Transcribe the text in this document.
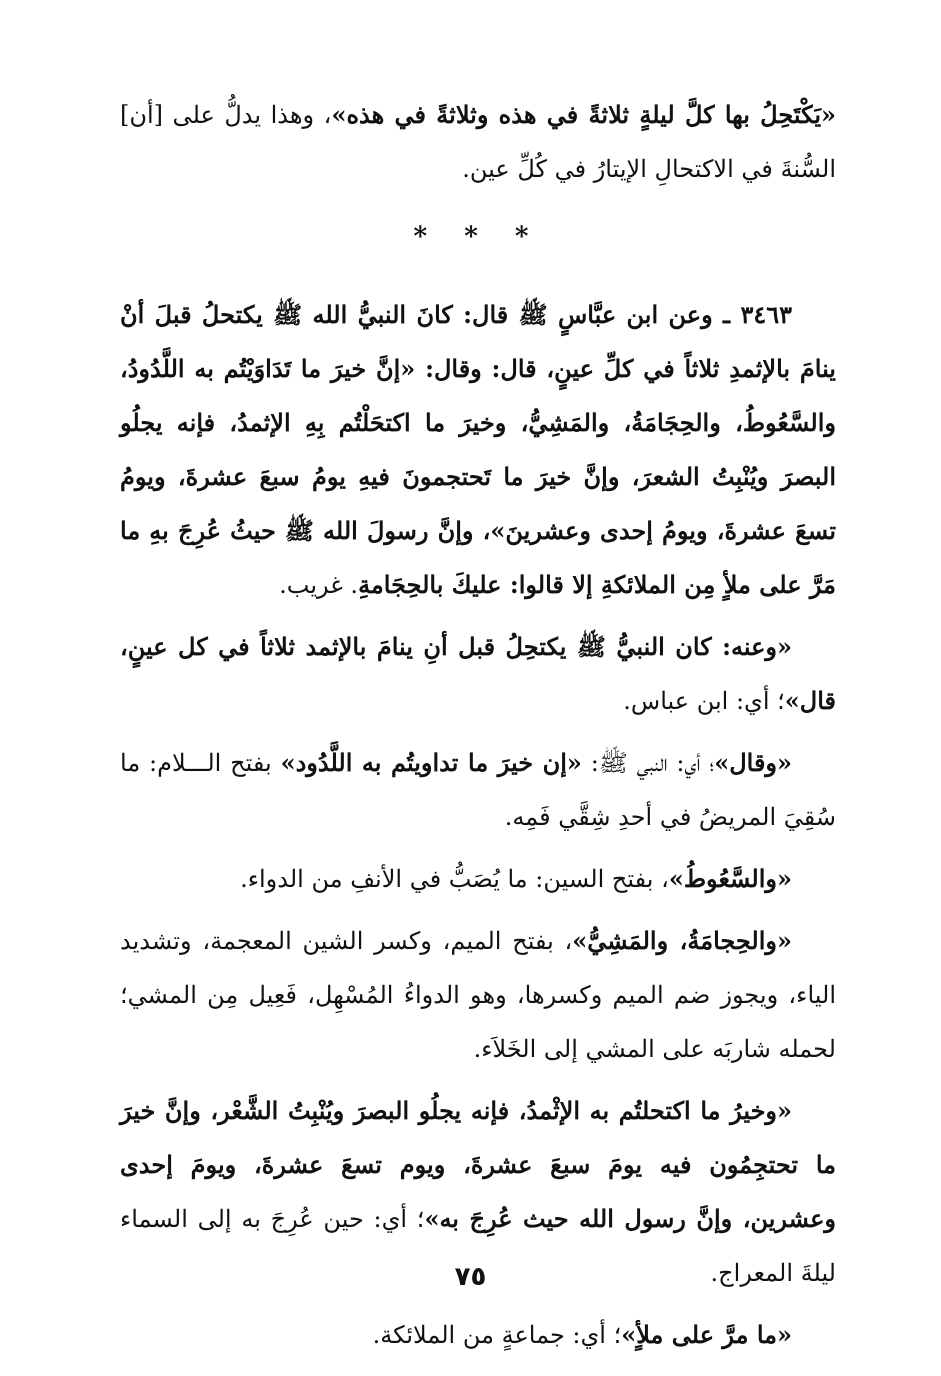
«يَكْتَحِلُ بها كلَّ ليلةٍ ثلاثةً في هذه وثلاثةً في هذه»، وهذا يدلُّ على [أن] السُّنةَ في الاكتحالِ الإيتارُ في كُلِّ عين.

* * *

٣٤٦٣ ـ وعن ابن عبَّاسٍ ﷺ قال: كانَ النبيُّ الله ﷺ يكتحلُ قبلَ أنْ ينامَ بالإثمدِ ثلاثاً في كلِّ عينٍ، قال: وقال: «إنَّ خيرَ ما تَدَاوَيْتُم به اللَّدُودُ، والسَّعُوطُ، والحِجَامَةُ، والمَشِيُّ، وخيرَ ما اكتحَلْتُم بِهِ الإثمدُ، فإنه يجلُو البصرَ ويُنْبِتُ الشعرَ، وإنَّ خيرَ ما تَحتجمونَ فيهِ يومُ سبعَ عشرةَ، ويومُ تسعَ عشرةَ، ويومُ إحدى وعشرينَ»، وإنَّ رسولَ الله ﷺ حيثُ عُرِجَ بهِ ما مَرَّ على ملأٍ مِن الملائكةِ إلا قالوا: عليكَ بالحِجَامةِ. غريب.

«وعنه: كان النبيُّ ﷺ يكتحِلُ قبل أنِ ينامَ بالإثمد ثلاثاً في كل عينٍ، قال»؛ أي: ابن عباس.

«وقال»؛ أي: النبي ﷺ: «إن خيرَ ما تداويتُم به اللَّدُود» بفتح الـــلام: ما سُقِيَ المريضُ في أحدِ شِقَّي فَمِه.

«والسَّعُوطُ»، بفتح السين: ما يُصَبُّ في الأنفِ من الدواء.

«والحِجامَةُ، والمَشِيُّ»، بفتح الميم، وكسر الشين المعجمة، وتشديد الياء، ويجوز ضم الميم وكسرها، وهو الدواءُ المُسْهِل، فَعِيل مِن المشي؛ لحمله شاربَه على المشي إلى الخَلاَء.

«وخيرُ ما اكتحلتُم به الإثْمدُ، فإنه يجلُو البصرَ ويُنْبِتُ الشَّعْر، وإنَّ خيرَ ما تحتجِمُون فيه يومَ سبعَ عشرةَ، ويوم تسعَ عشرةَ، ويومَ إحدى وعشرين، وإنَّ رسول الله حيث عُرِجَ به»؛ أي: حين عُرِجَ به إلى السماء ليلةَ المعراج.

«ما مرَّ على ملأٍ»؛ أي: جماعةٍ من الملائكة.

٧٥
